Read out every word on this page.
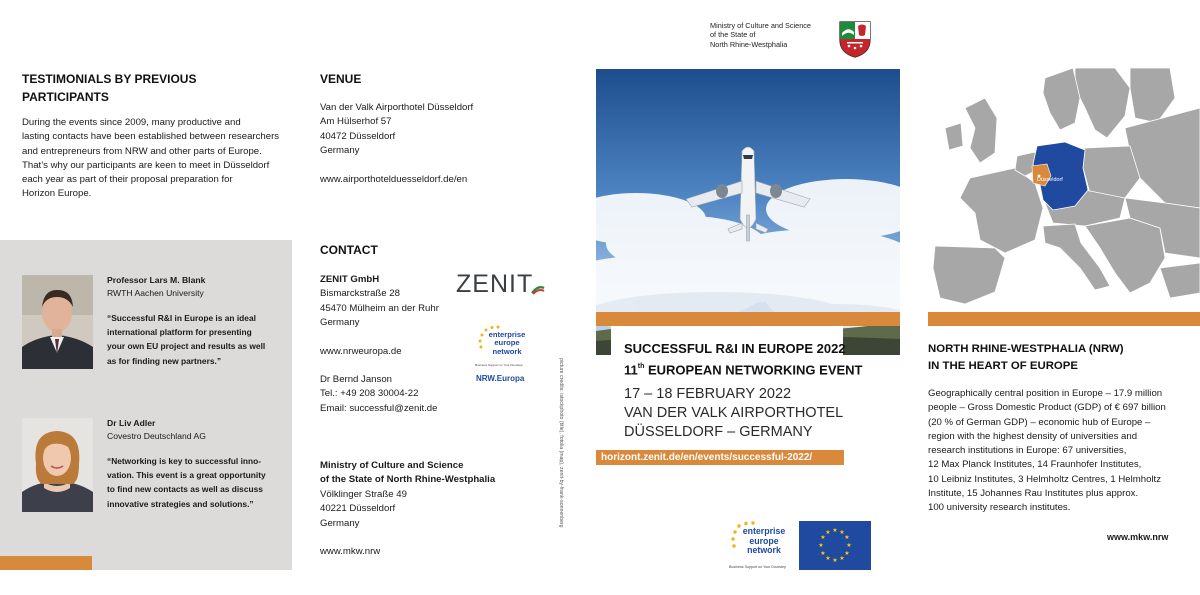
TESTIMONIALS BY PREVIOUS
PARTICIPANTS
During the events since 2009, many productive and
lasting contacts have been established between researchers
and entrepreneurs from NRW and other parts of Europe.
That’s why our participants are keen to meet in Düsseldorf
each year as part of their proposal preparation for
Horizon Europe.
Professor Lars M. Blank
RWTH Aachen University
“Successful R&I in Europe is an ideal
international platform for presenting
your own EU project and results as well
as for finding new partners.”
Dr Liv Adler
Covestro Deutschland AG
“Networking is key to successful inno-
vation. This event is a great opportunity
to find new contacts as well as discuss
innovative strategies and solutions.”
VENUE
Van der Valk Airporthotel Düsseldorf
Am Hülserhof 57
40472 Düsseldorf
Germany
www.airporthotelduesseldorf.de/en
CONTACT
ZENIT GmbH
Bismarckstraße 28
45470 Mülheim an der Ruhr
Germany
www.nrweuropa.de
Dr Bernd Janson
Tel.: +49 208 30004-22
Email: successful@zenit.de
ZENIT
enterprise
europe
network
Business Support on Your Doorstep
NRW.Europa
Ministry of Culture and Science
of the State of North Rhine-Westphalia
Völklinger Straße 49
40221 Düsseldorf
Germany
www.mkw.nrw
picture credits: istockphoto (title), fotolia (map), zenit-by-frank-sonnenberg
Ministry of Culture and Science
of the State of
North Rhine-Westphalia
SUCCESSFUL R&I IN EUROPE 2022
11th EUROPEAN NETWORKING EVENT
17 – 18 FEBRUARY 2022
VAN DER VALK AIRPORTHOTEL
DÜSSELDORF – GERMANY
horizont.zenit.de/en/events/successful-2022/
enterprise
europe
network
Business Support on Your Doorstep
★ ★
★
★
★
★
★
★
★
★
★
★
Düsseldorf
NORTH RHINE-WESTPHALIA (NRW)
IN THE HEART OF EUROPE
Geographically central position in Europe – 17.9 million
people – Gross Domestic Product (GDP) of € 697 billion
(20 % of German GDP) – economic hub of Europe –
region with the highest density of universities and
research institutions in Europe: 67 universities,
12 Max Planck Institutes, 14 Fraunhofer Institutes,
10 Leibniz Institutes, 3 Helmholtz Centres, 1 Helmholtz
Institute, 15 Johannes Rau Institutes plus approx.
100 university research institutes.
www.mkw.nrw
